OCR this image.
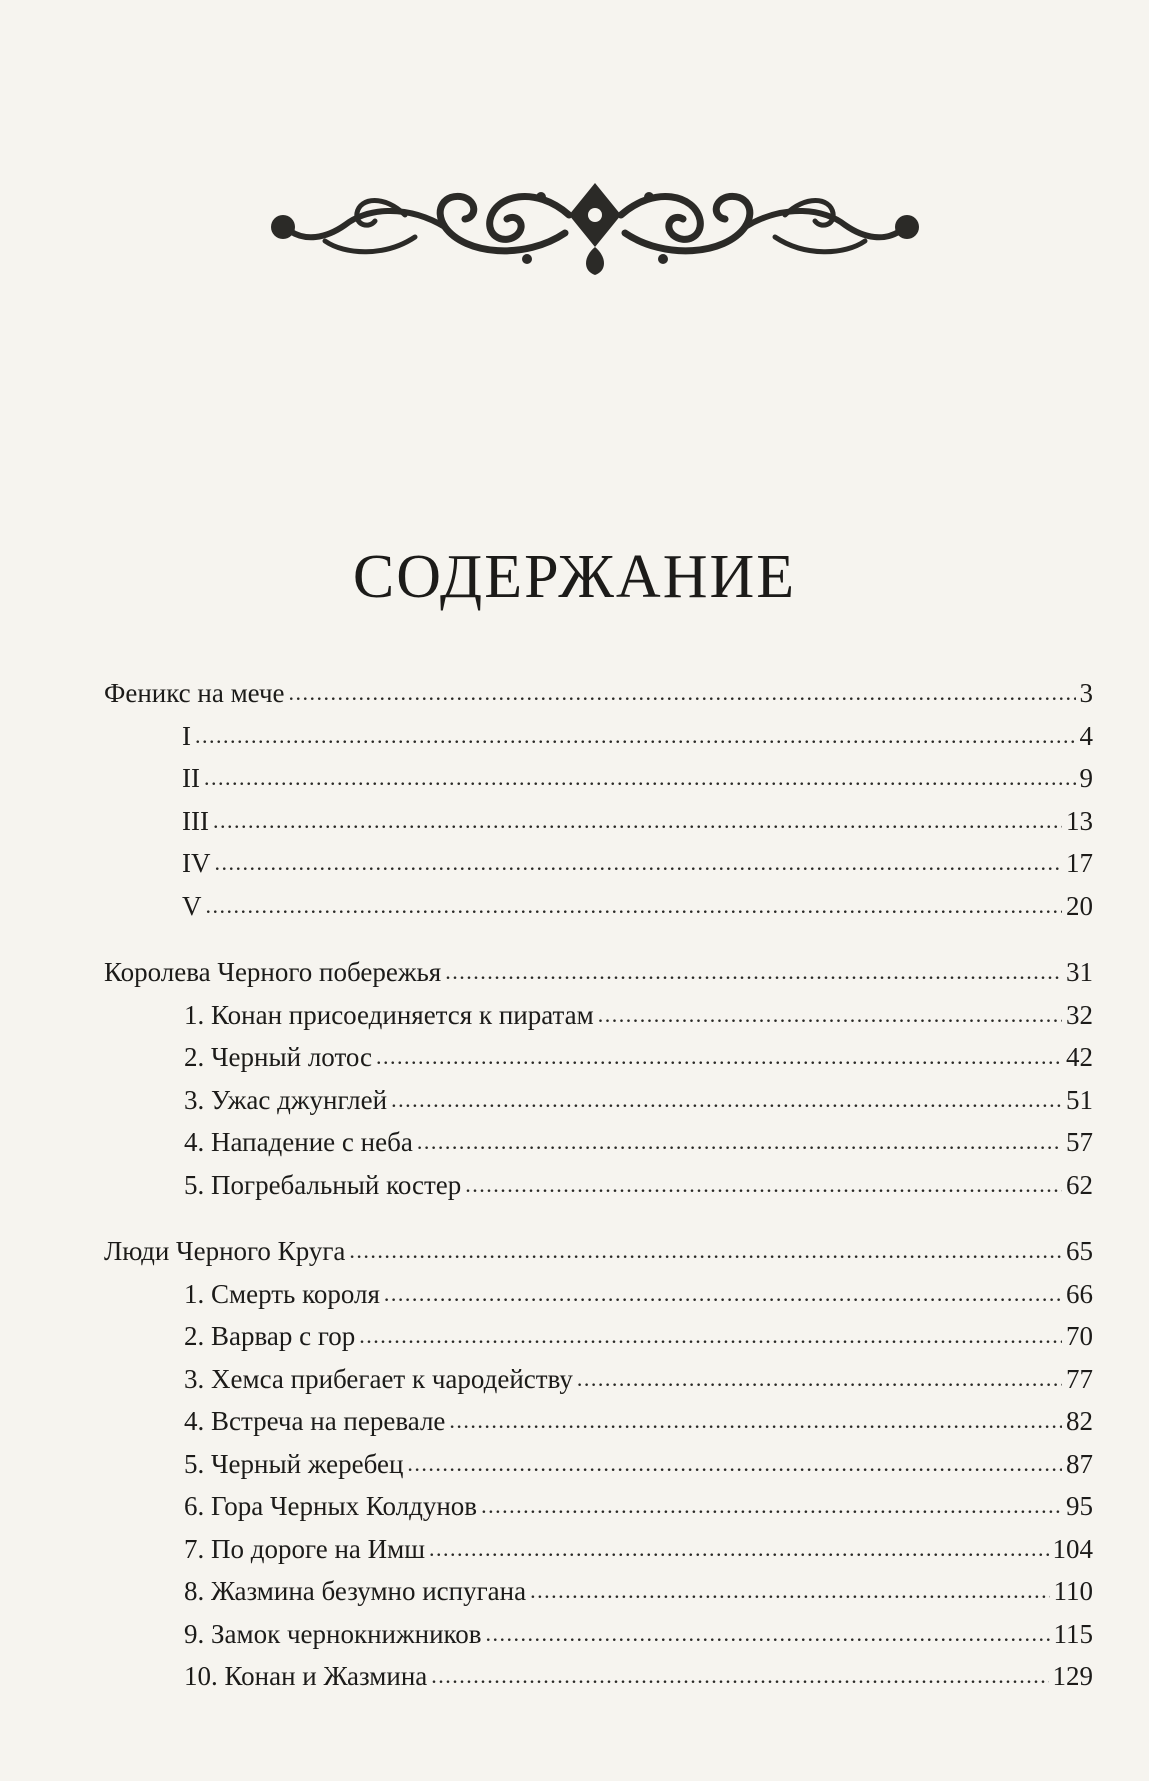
СОДЕРЖАНИЕ
Феникс на мече . . .	3
I . . .	4
II . . .	9
III . . .	13
IV . . .	17
V . . .	20
Королева Черного побережья . . .	31
1. Конан присоединяется к пиратам . . .	32
2. Черный лотос . . .	42
3. Ужас джунглей . . .	51
4. Нападение с неба . . .	57
5. Погребальный костер . . .	62
Люди Черного Круга . . .	65
1. Смерть короля . . .	66
2. Варвар с гор . . .	70
3. Хемса прибегает к чародейству . . .	77
4. Встреча на перевале . . .	82
5. Черный жеребец . . .	87
6. Гора Черных Колдунов . . .	95
7. По дороге на Имш . . .	104
8. Жазмина безумно испугана . . .	110
9. Замок чернокнижников . . .	115
10. Конан и Жазмина . . .	129
